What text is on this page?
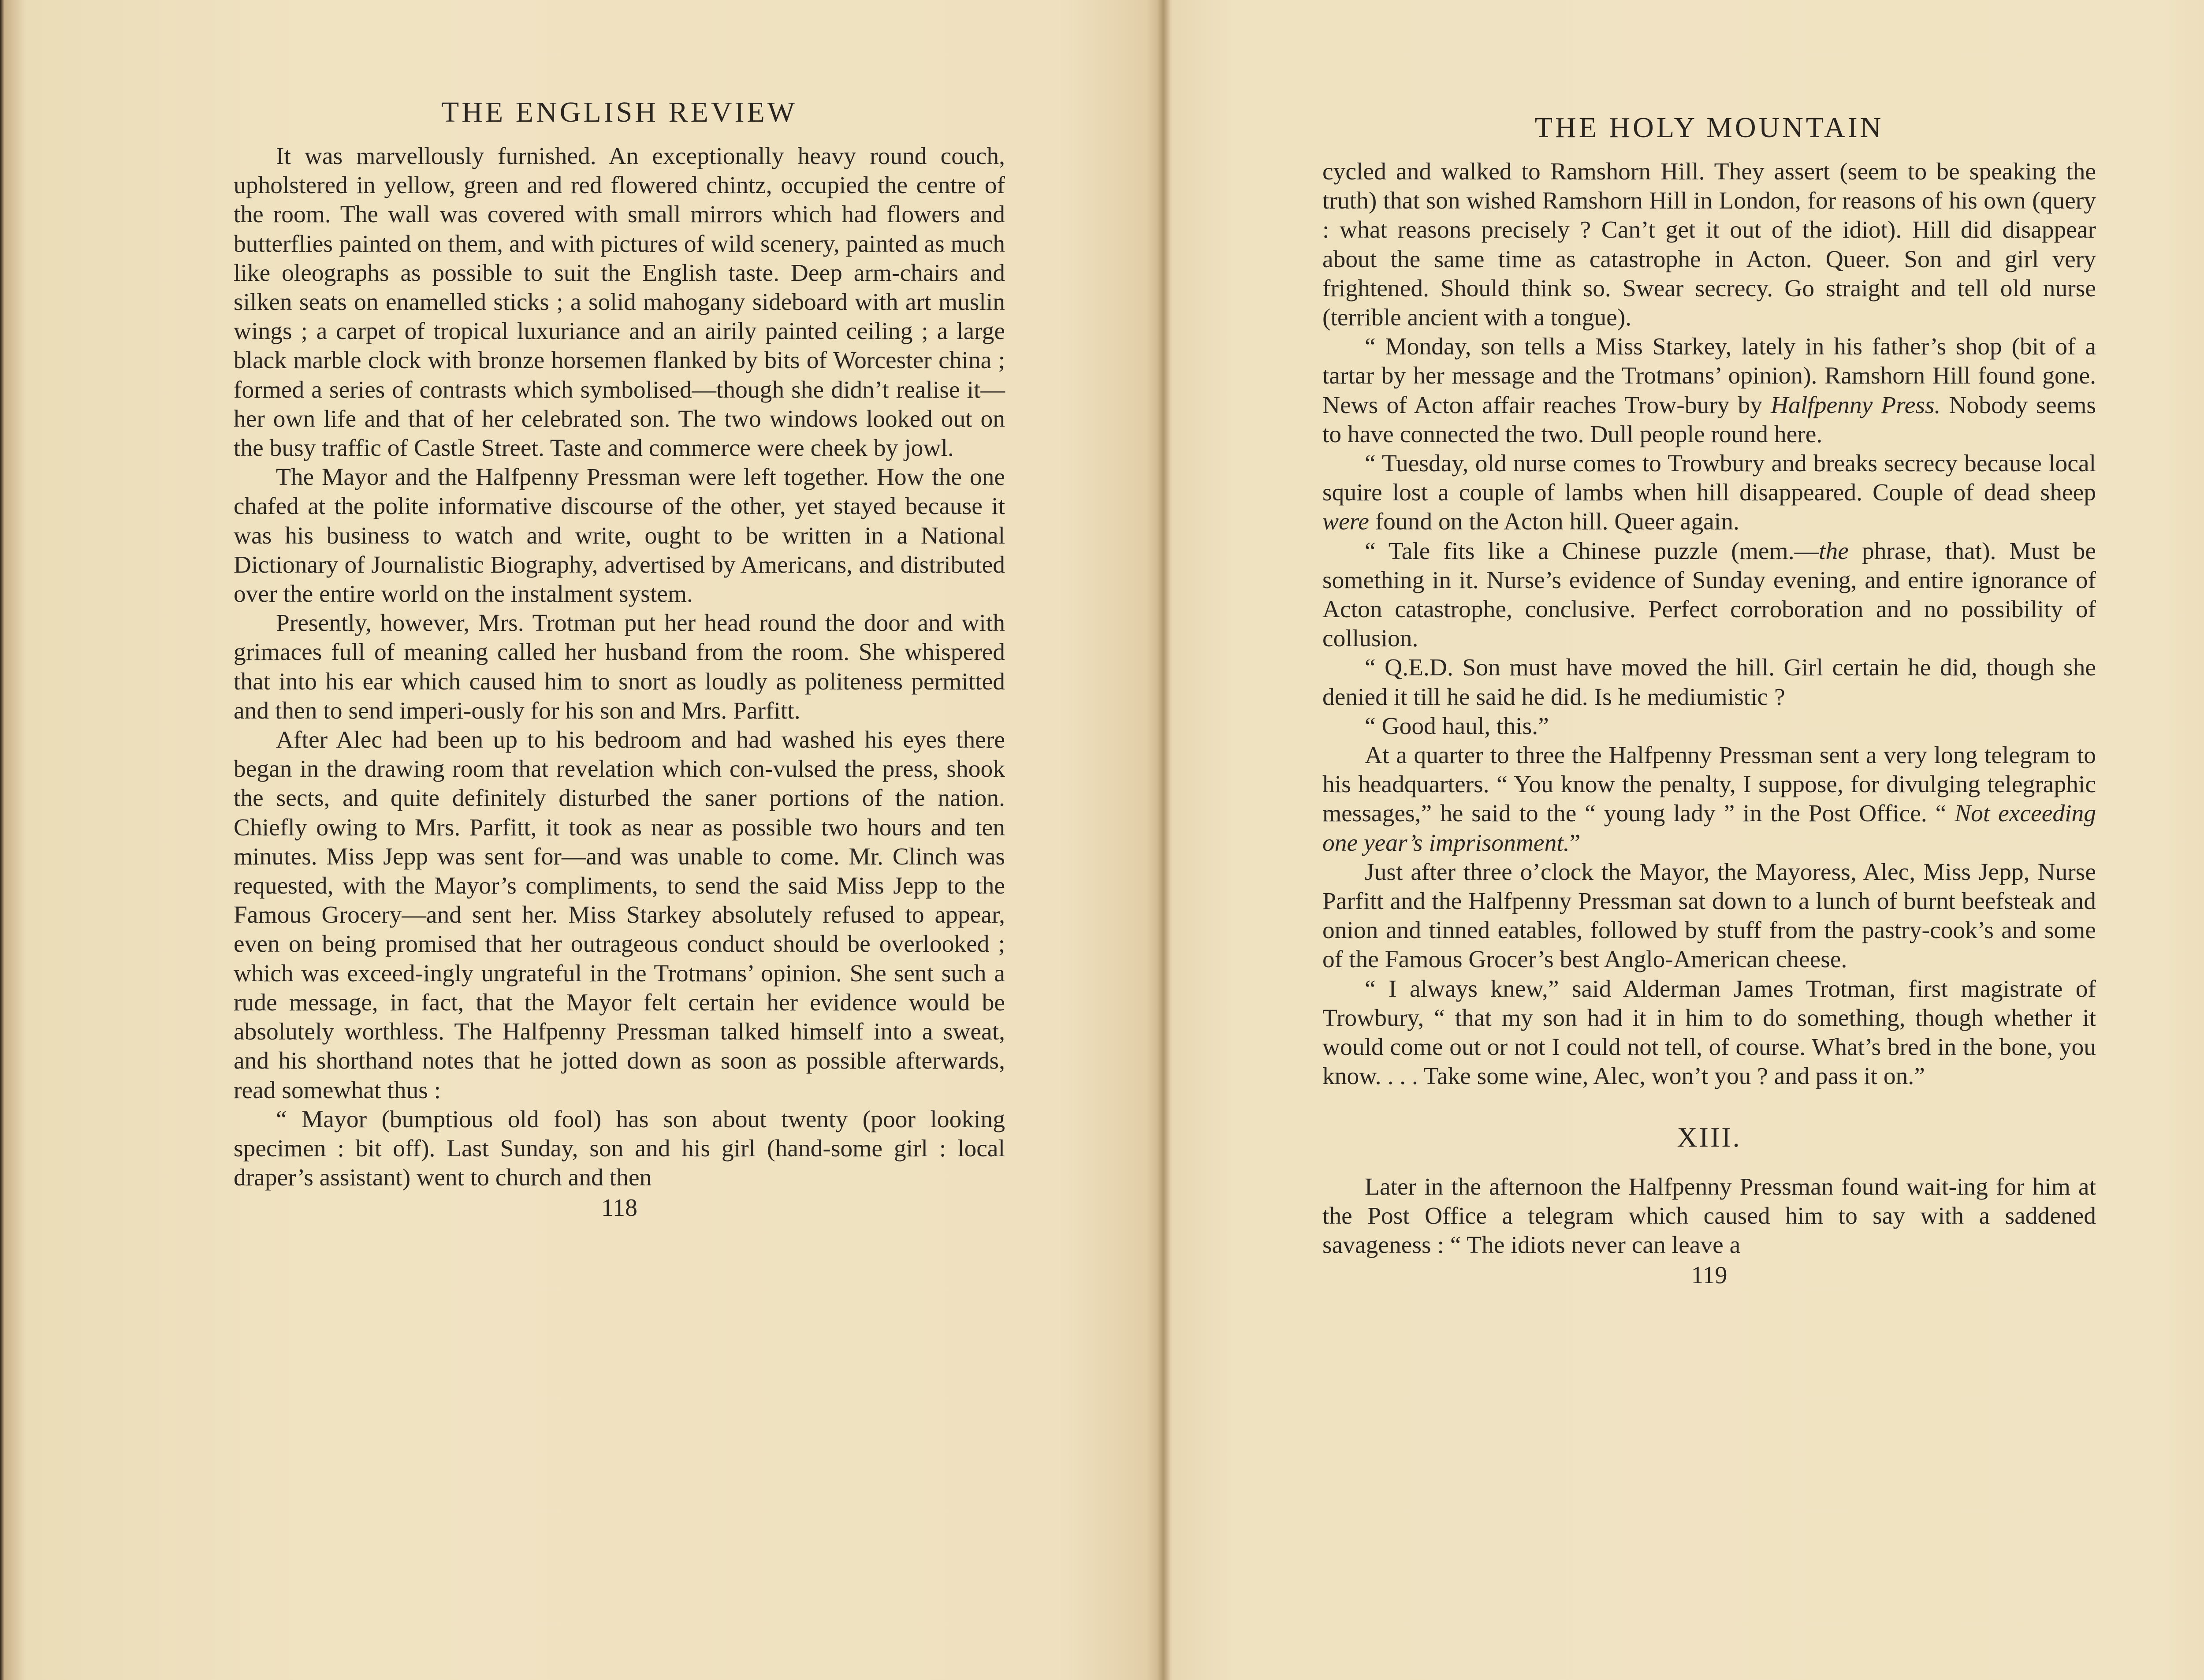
THE ENGLISH REVIEW

It was marvellously furnished. An exceptionally heavy round couch, upholstered in yellow, green and red flowered chintz, occupied the centre of the room. The wall was covered with small mirrors which had flowers and butterflies painted on them, and with pictures of wild scenery, painted as much like oleographs as possible to suit the English taste. Deep arm-chairs and silken seats on enamelled sticks ; a solid mahogany sideboard with art muslin wings ; a carpet of tropical luxuriance and an airily painted ceiling ; a large black marble clock with bronze horsemen flanked by bits of Worcester china ; formed a series of contrasts which symbolised—though she didn’t realise it—her own life and that of her celebrated son. The two windows looked out on the busy traffic of Castle Street. Taste and commerce were cheek by jowl.

The Mayor and the Halfpenny Pressman were left together. How the one chafed at the polite informative discourse of the other, yet stayed because it was his business to watch and write, ought to be written in a National Dictionary of Journalistic Biography, advertised by Americans, and distributed over the entire world on the instalment system.

Presently, however, Mrs. Trotman put her head round the door and with grimaces full of meaning called her husband from the room. She whispered that into his ear which caused him to snort as loudly as politeness permitted and then to send imperi-ously for his son and Mrs. Parfitt.

After Alec had been up to his bedroom and had washed his eyes there began in the drawing room that revelation which con-vulsed the press, shook the sects, and quite definitely disturbed the saner portions of the nation. Chiefly owing to Mrs. Parfitt, it took as near as possible two hours and ten minutes. Miss Jepp was sent for—and was unable to come. Mr. Clinch was requested, with the Mayor’s compliments, to send the said Miss Jepp to the Famous Grocery—and sent her. Miss Starkey absolutely refused to appear, even on being promised that her outrageous conduct should be overlooked ; which was exceed-ingly ungrateful in the Trotmans’ opinion. She sent such a rude message, in fact, that the Mayor felt certain her evidence would be absolutely worthless. The Halfpenny Pressman talked himself into a sweat, and his shorthand notes that he jotted down as soon as possible afterwards, read somewhat thus :

“ Mayor (bumptious old fool) has son about twenty (poor looking specimen : bit off). Last Sunday, son and his girl (hand-some girl : local draper’s assistant) went to church and then

118
THE HOLY MOUNTAIN

cycled and walked to Ramshorn Hill. They assert (seem to be speaking the truth) that son wished Ramshorn Hill in London, for reasons of his own (query : what reasons precisely ? Can’t get it out of the idiot). Hill did disappear about the same time as catastrophe in Acton. Queer. Son and girl very frightened. Should think so. Swear secrecy. Go straight and tell old nurse (terrible ancient with a tongue).

“ Monday, son tells a Miss Starkey, lately in his father’s shop (bit of a tartar by her message and the Trotmans’ opinion). Ramshorn Hill found gone. News of Acton affair reaches Trow-bury by Halfpenny Press. Nobody seems to have connected the two. Dull people round here.

“ Tuesday, old nurse comes to Trowbury and breaks secrecy because local squire lost a couple of lambs when hill disappeared. Couple of dead sheep were found on the Acton hill. Queer again.

“ Tale fits like a Chinese puzzle (mem.—the phrase, that). Must be something in it. Nurse’s evidence of Sunday evening, and entire ignorance of Acton catastrophe, conclusive. Perfect corroboration and no possibility of collusion.

“ Q.E.D. Son must have moved the hill. Girl certain he did, though she denied it till he said he did. Is he mediumistic ?

“ Good haul, this.”

At a quarter to three the Halfpenny Pressman sent a very long telegram to his headquarters. “ You know the penalty, I suppose, for divulging telegraphic messages,” he said to the “ young lady ” in the Post Office. “ Not exceeding one year’s imprisonment.”

Just after three o’clock the Mayor, the Mayoress, Alec, Miss Jepp, Nurse Parfitt and the Halfpenny Pressman sat down to a lunch of burnt beefsteak and onion and tinned eatables, followed by stuff from the pastry-cook’s and some of the Famous Grocer’s best Anglo-American cheese.

“ I always knew,” said Alderman James Trotman, first magistrate of Trowbury, “ that my son had it in him to do something, though whether it would come out or not I could not tell, of course. What’s bred in the bone, you know. . . . Take some wine, Alec, won’t you ? and pass it on.”

XIII.

Later in the afternoon the Halfpenny Pressman found wait-ing for him at the Post Office a telegram which caused him to say with a saddened savageness : “ The idiots never can leave a

119
